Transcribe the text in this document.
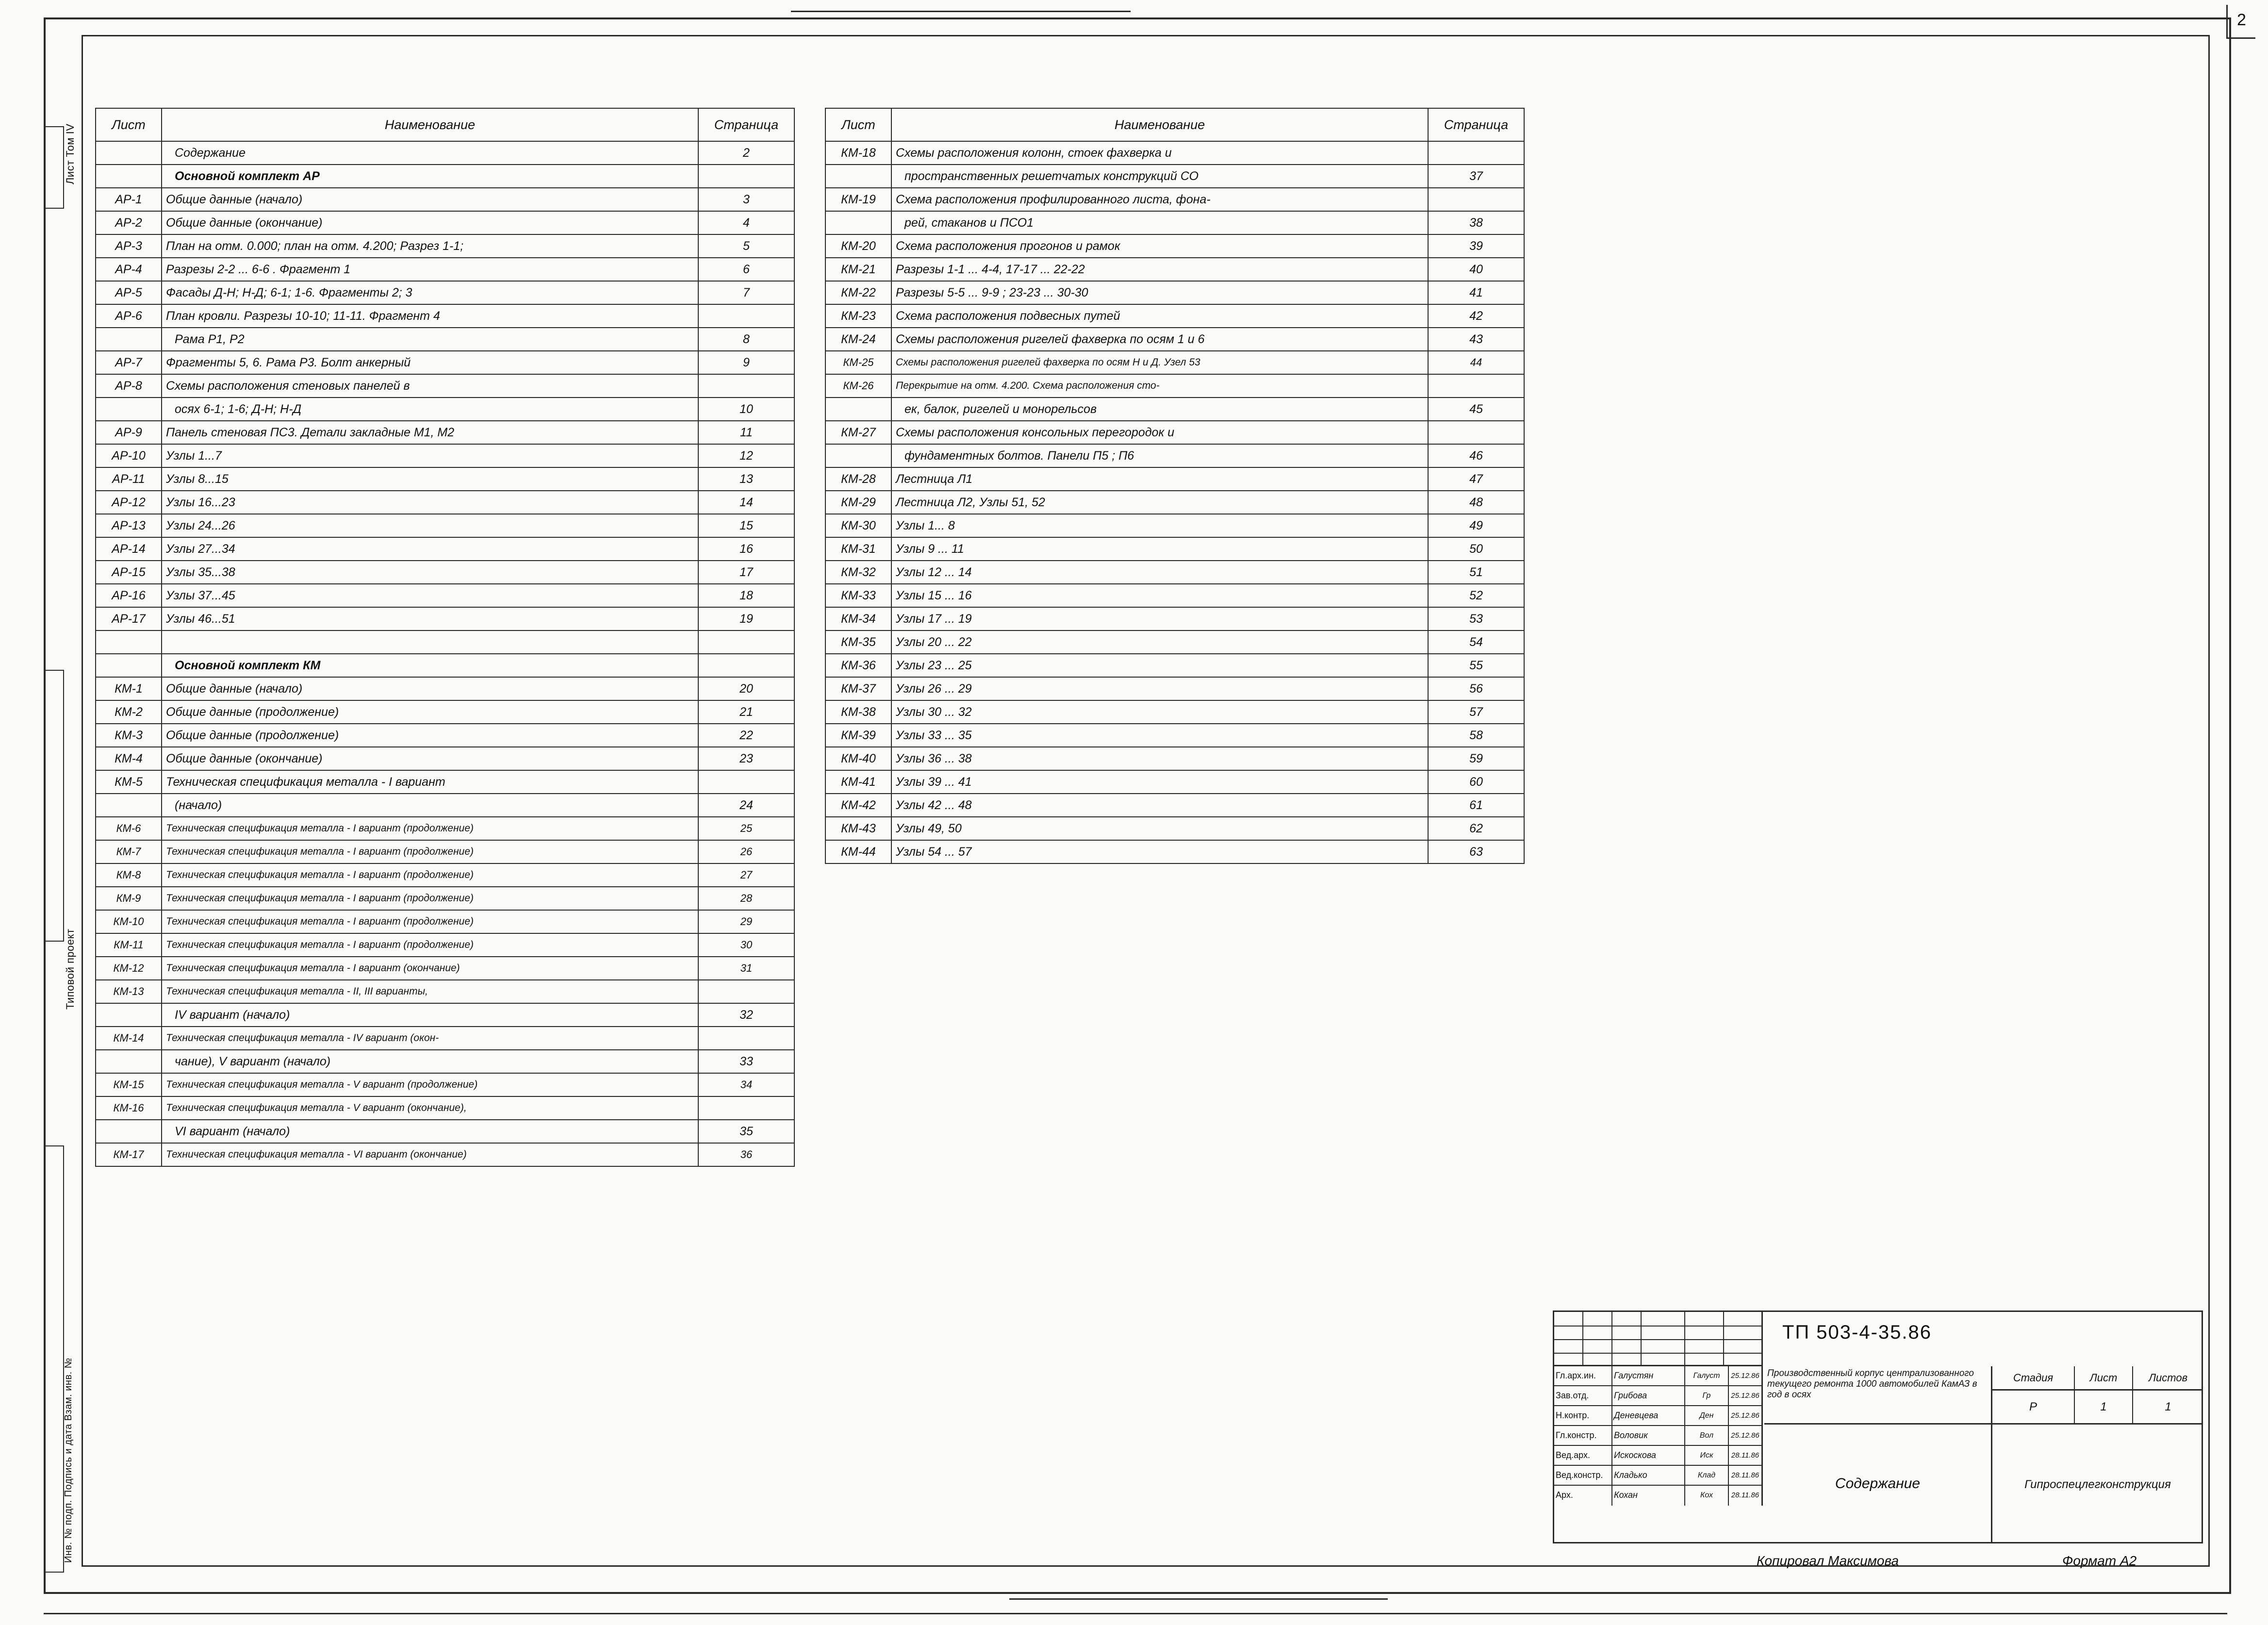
2
Лист Том IV
Типовой проект
Инв. № подп. Подпись и дата Взам. инв. №
Лист	Наименование	Страница
	Содержание	2
	Основной комплект АР	
АР-1	Общие данные (начало)	3
АР-2	Общие данные (окончание)	4
АР-3	План на отм. 0.000; план на отм. 4.200; Разрез 1-1;	5
АР-4	Разрезы 2-2 ... 6-6 . Фрагмент 1	6
АР-5	Фасады Д-Н; Н-Д; 6-1; 1-6. Фрагменты 2; 3	7
АР-6	План кровли. Разрезы 10-10; 11-11. Фрагмент 4	
	Рама Р1, Р2	8
АР-7	Фрагменты 5, 6. Рама Р3. Болт анкерный	9
АР-8	Схемы расположения стеновых панелей в	
	осях 6-1; 1-6; Д-Н; Н-Д	10
АР-9	Панель стеновая ПС3. Детали закладные М1, М2	11
АР-10	Узлы 1...7	12
АР-11	Узлы 8...15	13
АР-12	Узлы 16...23	14
АР-13	Узлы 24...26	15
АР-14	Узлы 27...34	16
АР-15	Узлы 35...38	17
АР-16	Узлы 37...45	18
АР-17	Узлы 46...51	19

	Основной комплект КМ	
КМ-1	Общие данные (начало)	20
КМ-2	Общие данные (продолжение)	21
КМ-3	Общие данные (продолжение)	22
КМ-4	Общие данные (окончание)	23
КМ-5	Техническая спецификация металла - I вариант	
	(начало)	24
КМ-6	Техническая спецификация металла - I вариант (продолжение)	25
КМ-7	Техническая спецификация металла - I вариант (продолжение)	26
КМ-8	Техническая спецификация металла - I вариант (продолжение)	27
КМ-9	Техническая спецификация металла - I вариант (продолжение)	28
КМ-10	Техническая спецификация металла - I вариант (продолжение)	29
КМ-11	Техническая спецификация металла - I вариант (продолжение)	30
КМ-12	Техническая спецификация металла - I вариант (окончание)	31
КМ-13	Техническая спецификация металла - II, III варианты,	
	IV вариант (начало)	32
КМ-14	Техническая спецификация металла - IV вариант (окон-	
	чание), V вариант (начало)	33
КМ-15	Техническая спецификация металла - V вариант (продолжение)	34
КМ-16	Техническая спецификация металла - V вариант (окончание),	
	VI вариант (начало)	35
КМ-17	Техническая спецификация металла - VI вариант (окончание)	36
Лист	Наименование	Страница
КМ-18	Схемы расположения колонн, стоек фахверка и	
	пространственных решетчатых конструкций СО	37
КМ-19	Схема расположения профилированного листа, фона-	
	рей, стаканов и ПСО1	38
КМ-20	Схема расположения прогонов и рамок	39
КМ-21	Разрезы 1-1 ... 4-4, 17-17 ... 22-22	40
КМ-22	Разрезы 5-5 ... 9-9 ; 23-23 ... 30-30	41
КМ-23	Схема расположения подвесных путей	42
КМ-24	Схемы расположения ригелей фахверка по осям 1 и 6	43
КМ-25	Схемы расположения ригелей фахверка по осям Н и Д. Узел 53	44
КМ-26	Перекрытие на отм. 4.200. Схема расположения сто-	
	ек, балок, ригелей и монорельсов	45
КМ-27	Схемы расположения консольных перегородок и	
	фундаментных болтов. Панели П5 ; П6	46
КМ-28	Лестница Л1	47
КМ-29	Лестница Л2, Узлы 51, 52	48
КМ-30	Узлы 1... 8	49
КМ-31	Узлы 9 ... 11	50
КМ-32	Узлы 12 ... 14	51
КМ-33	Узлы 15 ... 16	52
КМ-34	Узлы 17 ... 19	53
КМ-35	Узлы 20 ... 22	54
КМ-36	Узлы 23 ... 25	55
КМ-37	Узлы 26 ... 29	56
КМ-38	Узлы 30 ... 32	57
КМ-39	Узлы 33 ... 35	58
КМ-40	Узлы 36 ... 38	59
КМ-41	Узлы 39 ... 41	60
КМ-42	Узлы 42 ... 48	61
КМ-43	Узлы 49, 50	62
КМ-44	Узлы 54 ... 57	63
ТП 503-4-35.86
Гл.арх.ин.	Галустян	Галуст	25.12.86
Зав.отд.	Грибова	Гр	25.12.86
Н.контр.	Деневцева	Ден	25.12.86
Гл.констр.	Воловик	Вол	25.12.86
Вед.арх.	Искоскова	Иск	28.11.86
Вед.констр.	Кладько	Клад	28.11.86
Арх.	Кохан	Кох	28.11.86
Производственный корпус централизованного текущего ремонта 1000 автомобилей КамАЗ в год в осях
Стадия	Лист	Листов
Р	1	1
Содержание	Гипроспецлегконструкция
Копировал Максимова	Формат А2
